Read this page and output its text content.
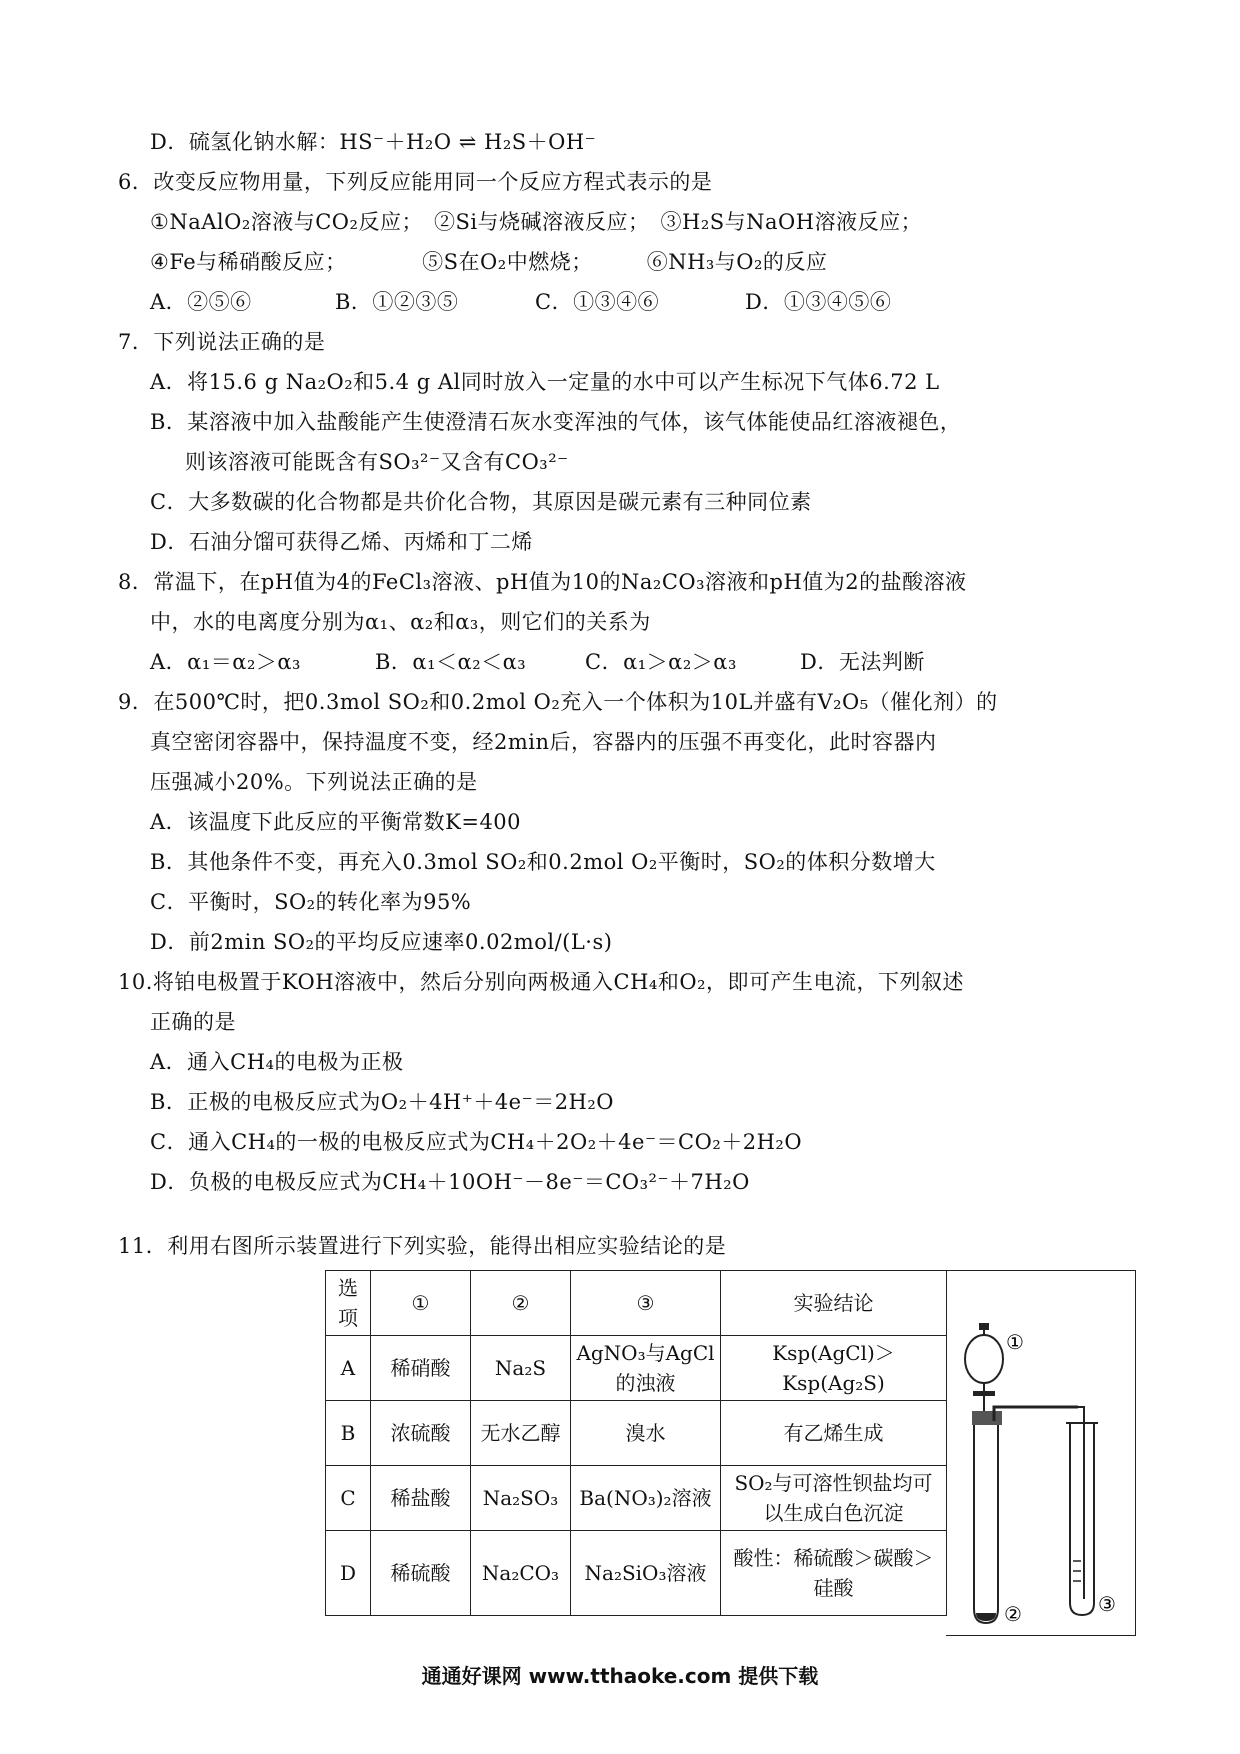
D．硫氢化钠水解：HS⁻＋H₂O ⇌ H₂S＋OH⁻
6．改变反应物用量，下列反应能用同一个反应方程式表示的是
①NaAlO₂溶液与CO₂反应；　②Si与烧碱溶液反应；　③H₂S与NaOH溶液反应；
④Fe与稀硝酸反应；　　　　⑤S在O₂中燃烧；　　　⑥NH₃与O₂的反应
A．②⑤⑥	B．①②③⑤	C．①③④⑥	D．①③④⑤⑥
7．下列说法正确的是
A．将15.6 g Na₂O₂和5.4 g Al同时放入一定量的水中可以产生标况下气体6.72 L
B．某溶液中加入盐酸能产生使澄清石灰水变浑浊的气体，该气体能使品红溶液褪色，
则该溶液可能既含有SO₃²⁻又含有CO₃²⁻
C．大多数碳的化合物都是共价化合物，其原因是碳元素有三种同位素
D．石油分馏可获得乙烯、丙烯和丁二烯
8．常温下，在pH值为4的FeCl₃溶液、pH值为10的Na₂CO₃溶液和pH值为2的盐酸溶液
中，水的电离度分别为α₁、α₂和α₃，则它们的关系为
A．α₁＝α₂＞α₃	B．α₁＜α₂＜α₃	C．α₁＞α₂＞α₃	D．无法判断
9．在500℃时，把0.3mol SO₂和0.2mol O₂充入一个体积为10L并盛有V₂O₅（催化剂）的
真空密闭容器中，保持温度不变，经2min后，容器内的压强不再变化，此时容器内
压强减小20%。下列说法正确的是
A．该温度下此反应的平衡常数K=400
B．其他条件不变，再充入0.3mol SO₂和0.2mol O₂平衡时，SO₂的体积分数增大
C．平衡时，SO₂的转化率为95%
D．前2min SO₂的平均反应速率0.02mol/(L·s)
10.将铂电极置于KOH溶液中，然后分别向两极通入CH₄和O₂，即可产生电流，下列叙述
正确的是
A．通入CH₄的电极为正极
B．正极的电极反应式为O₂＋4H⁺＋4e⁻＝2H₂O
C．通入CH₄的一极的电极反应式为CH₄＋2O₂＋4e⁻＝CO₂＋2H₂O
D．负极的电极反应式为CH₄＋10OH⁻－8e⁻＝CO₃²⁻＋7H₂O
11．利用右图所示装置进行下列实验，能得出相应实验结论的是
选项	①	②	③	实验结论
A	稀硝酸	Na₂S	AgNO₃与AgCl的浊液	Ksp(AgCl)＞Ksp(Ag₂S)
B	浓硫酸	无水乙醇	溴水	有乙烯生成
C	稀盐酸	Na₂SO₃	Ba(NO₃)₂溶液	SO₂与可溶性钡盐均可以生成白色沉淀
D	稀硫酸	Na₂CO₃	Na₂SiO₃溶液	酸性：稀硫酸＞碳酸＞硅酸
①
②	③
通通好课网 www.tthaoke.com 提供下载
